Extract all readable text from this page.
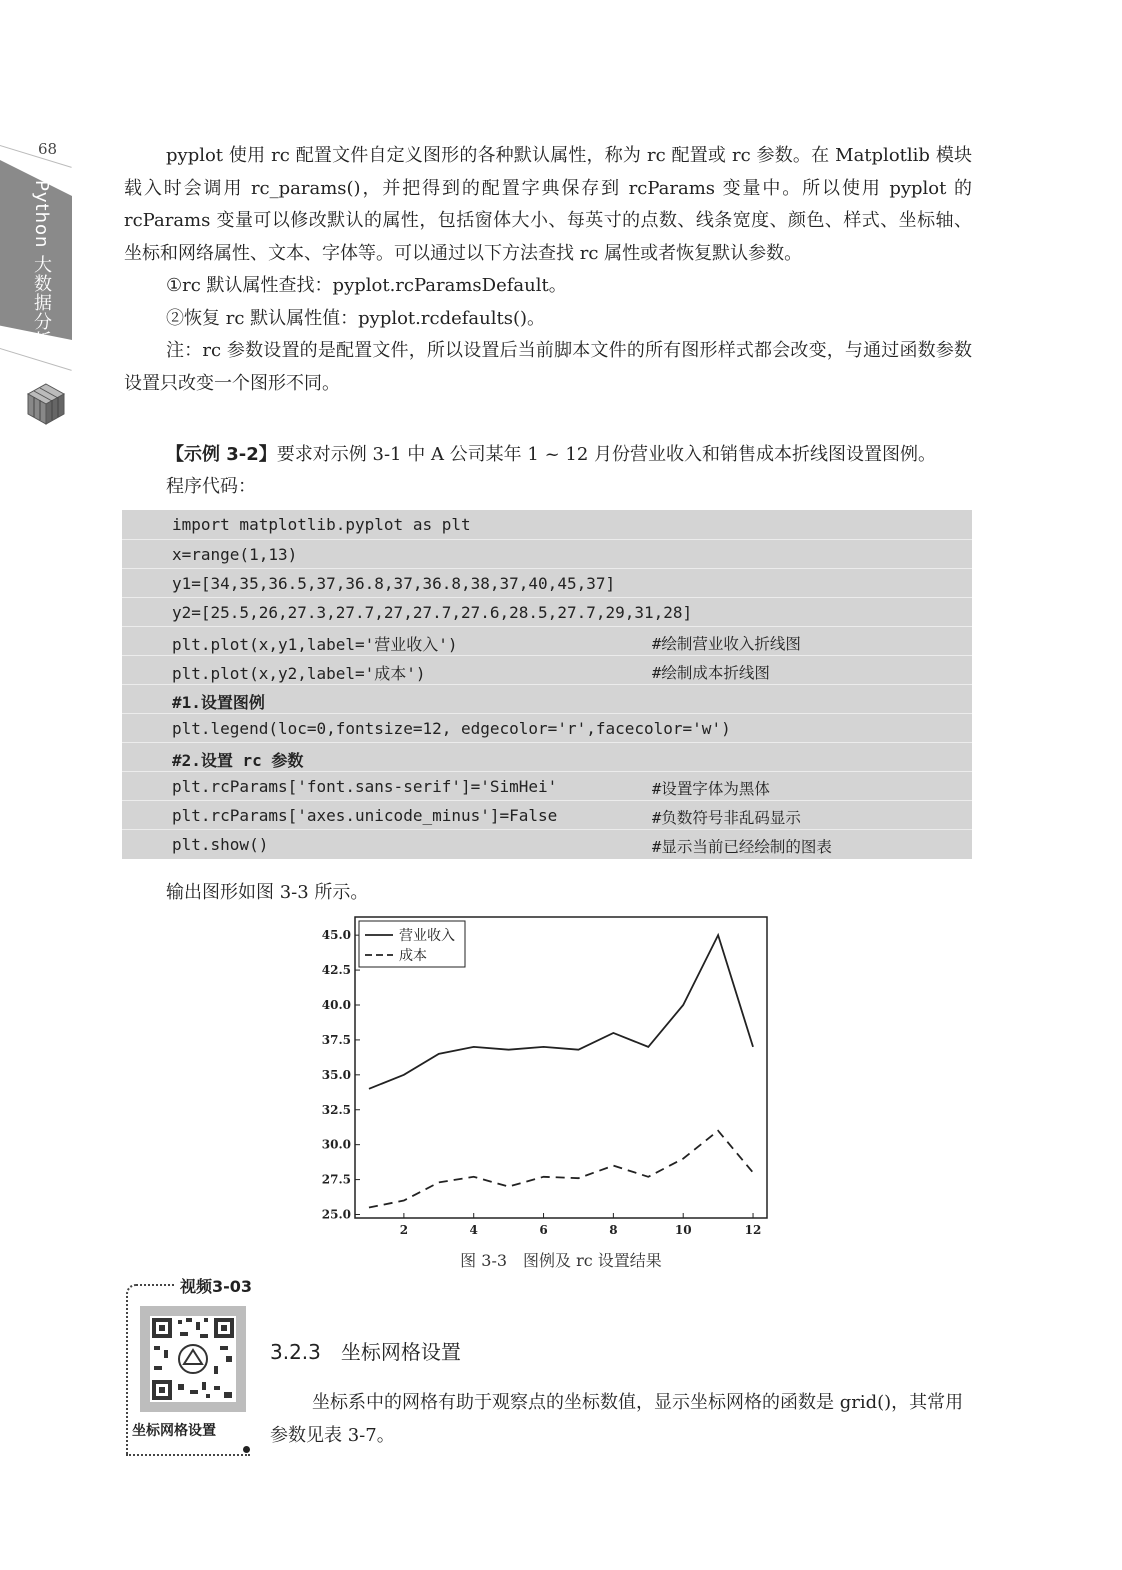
68
Python 大数据分析

pyplot 使用 rc 配置文件自定义图形的各种默认属性，称为 rc 配置或 rc 参数。在 Matplotlib 模块载入时会调用 rc_params()，并把得到的配置字典保存到 rcParams 变量中。所以使用 pyplot 的 rcParams 变量可以修改默认的属性，包括窗体大小、每英寸的点数、线条宽度、颜色、样式、坐标轴、坐标和网络属性、文本、字体等。可以通过以下方法查找 rc 属性或者恢复默认参数。

①rc 默认属性查找：pyplot.rcParamsDefault。

②恢复 rc 默认属性值：pyplot.rcdefaults()。

注：rc 参数设置的是配置文件，所以设置后当前脚本文件的所有图形样式都会改变，与通过函数参数设置只改变一个图形不同。

【示例 3-2】要求对示例 3-1 中 A 公司某年 1 ~ 12 月份营业收入和销售成本折线图设置图例。
程序代码：
import matplotlib.pyplot as plt
x=range(1,13)
y1=[34,35,36.5,37,36.8,37,36.8,38,37,40,45,37]
y2=[25.5,26,27.3,27.7,27,27.7,27.6,28.5,27.7,29,31,28]
plt.plot(x,y1,label='营业收入')	#绘制营业收入折线图
plt.plot(x,y2,label='成本')	#绘制成本折线图
#1.设置图例
plt.legend(loc=0,fontsize=12, edgecolor='r',facecolor='w')
#2.设置 rc 参数
plt.rcParams['font.sans-serif']='SimHei'	#设置字体为黑体
plt.rcParams['axes.unicode_minus']=False	#负数符号非乱码显示
plt.show()	#显示当前已经绘制的图表
输出图形如图 3-3 所示。
25.0
27.5
30.0
32.5
35.0
37.5
40.0
42.5
45.0
2	4	6	8	10	12
营业收入
成本
图 3-3　图例及 rc 设置结果
视频3-03
坐标网格设置
3.2.3 坐标网格设置

坐标系中的网格有助于观察点的坐标数值，显示坐标网格的函数是 grid()，其常用参数见表 3-7。
